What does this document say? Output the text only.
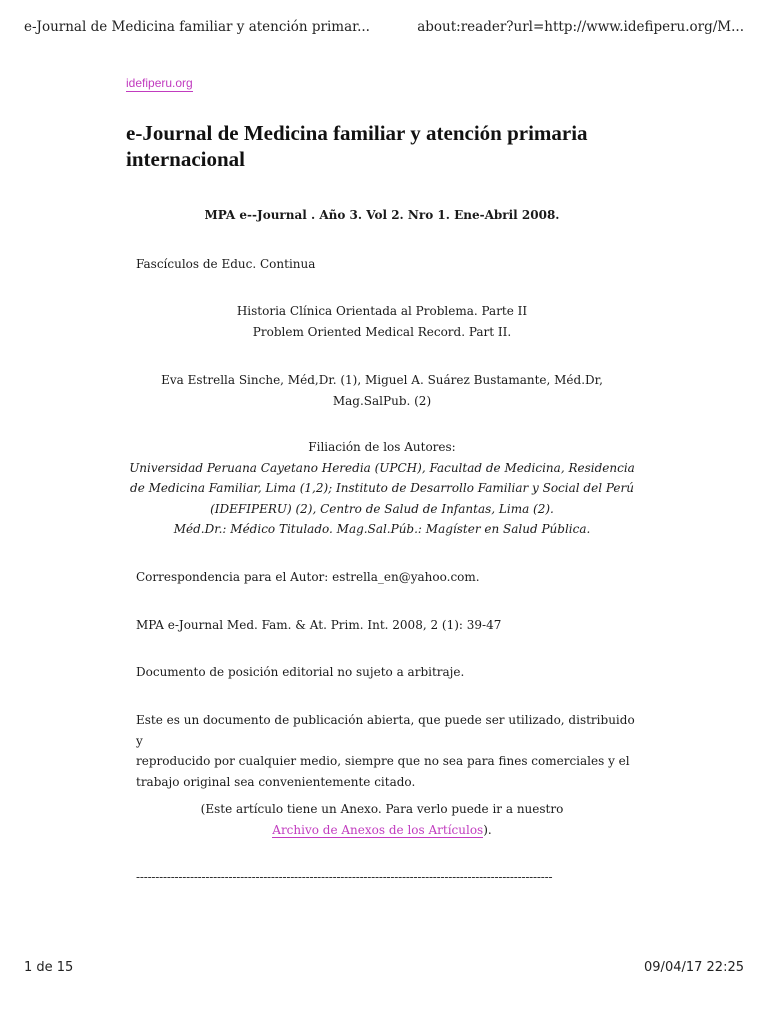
e-Journal de Medicina familiar y atención primar...	about:reader?url=http://www.idefiperu.org/M...
idefiperu.org
e-Journal de Medicina familiar y atención primaria internacional
MPA e--Journal . Año 3. Vol 2. Nro 1. Ene-Abril 2008.
Fascículos de Educ. Continua
Historia Clínica Orientada al Problema. Parte II
Problem Oriented Medical Record. Part II.
Eva Estrella Sinche, Méd,Dr. (1), Miguel A. Suárez Bustamante, Méd.Dr,
Mag.SalPub. (2)
Filiación de los Autores:
Universidad Peruana Cayetano Heredia (UPCH), Facultad de Medicina, Residencia
de Medicina Familiar, Lima (1,2); Instituto de Desarrollo Familiar y Social del Perú
(IDEFIPERU) (2), Centro de Salud de Infantas, Lima (2).
Méd.Dr.: Médico Titulado. Mag.Sal.Púb.: Magíster en Salud Pública.
Correspondencia para el Autor: estrella_en@yahoo.com.
MPA e-Journal Med. Fam. & At. Prim. Int. 2008, 2 (1): 39-47
Documento de posición editorial no sujeto a arbitraje.
Este es un documento de publicación abierta, que puede ser utilizado, distribuido y
reproducido por cualquier medio, siempre que no sea para fines comerciales y el
trabajo original sea convenientemente citado.
(Este artículo tiene un Anexo. Para verlo puede ir a nuestro
Archivo de Anexos de los Artículos).
------------------------------------------------------------------------------------------------------------
1 de 15	09/04/17 22:25
